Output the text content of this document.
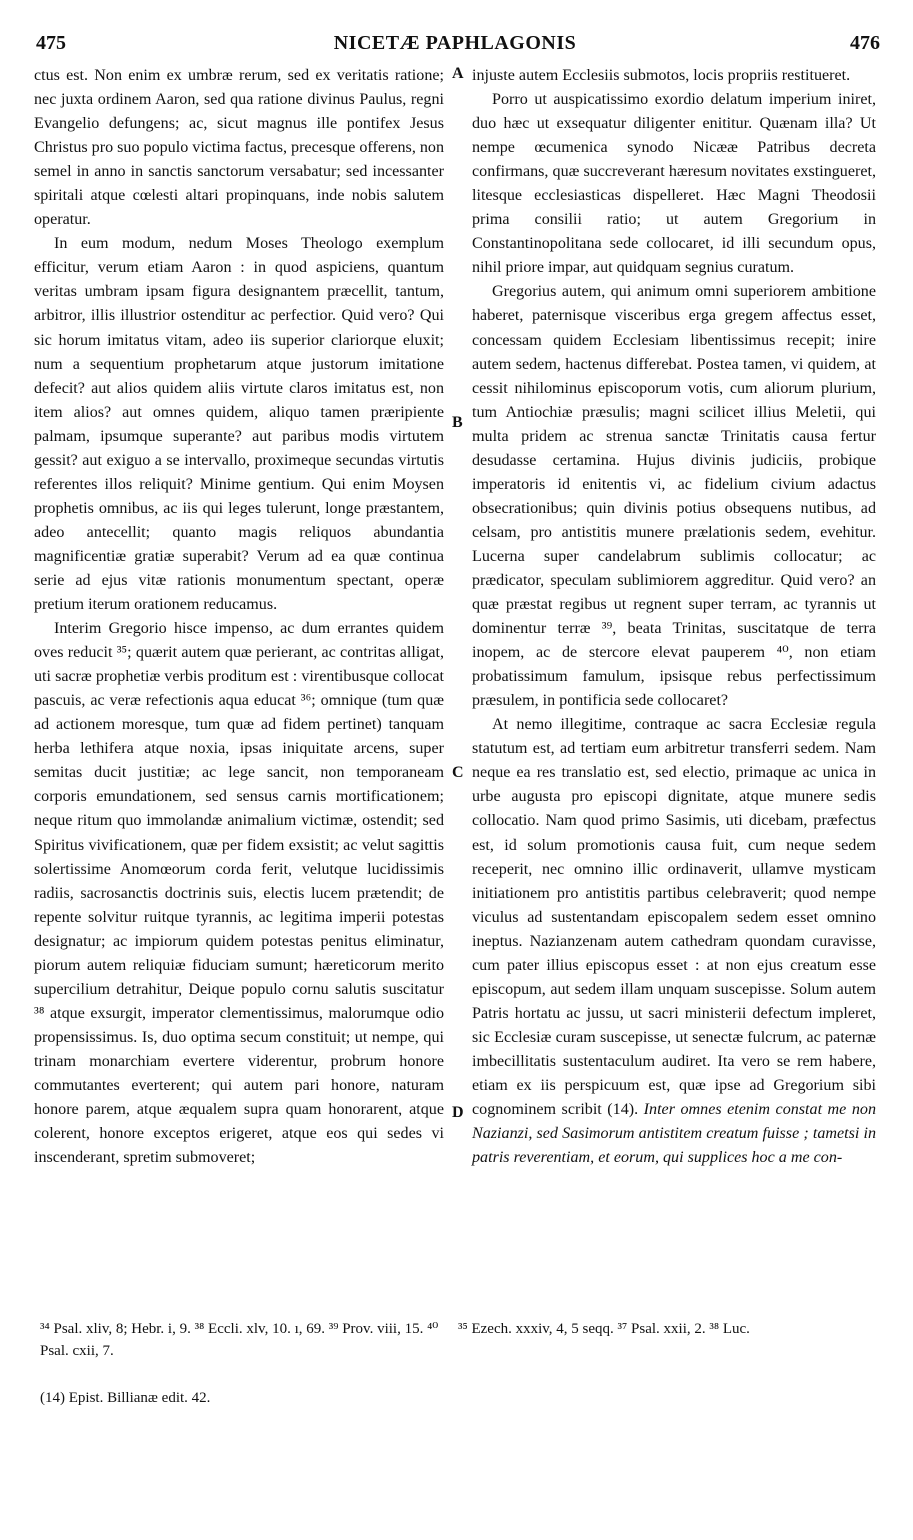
475	NICETÆ PAPHLAGONIS	476
A
B
C
D

ctus est. Non enim ex umbræ rerum, sed ex veritatis ratione; nec juxta ordinem Aaron, sed qua ratione divinus Paulus, regni Evangelio defungens; ac, sicut magnus ille pontifex Jesus Christus pro suo populo victima factus, precesque offerens, non semel in anno in sanctis sanctorum versabatur; sed incessanter spiritali atque cœlesti altari propinquans, inde nobis salutem operatur.

In eum modum, nedum Moses Theologo exemplum efficitur, verum etiam Aaron : in quod aspiciens, quantum veritas umbram ipsam figura designantem præcellit, tantum, arbitror, illis illustrior ostenditur ac perfectior. Quid vero? Qui sic horum imitatus vitam, adeo iis superior clariorque eluxit; num a sequentium prophetarum atque justorum imitatione defecit? aut alios quidem aliis virtute claros imitatus est, non item alios? aut omnes quidem, aliquo tamen præripiente palmam, ipsumque superante? aut paribus modis virtutem gessit? aut exiguo a se intervallo, proximeque secundas virtutis referentes illos reliquit? Minime gentium. Qui enim Moysen prophetis omnibus, ac iis qui leges tulerunt, longe præstantem, adeo antecellit; quanto magis reliquos abundantia magnificentiæ gratiæ superabit? Verum ad ea quæ continua serie ad ejus vitæ rationis monumentum spectant, operæ pretium iterum orationem reducamus.

Interim Gregorio hisce impenso, ac dum errantes quidem oves reducit ³⁵; quærit autem quæ perierant, ac contritas alligat, uti sacræ prophetiæ verbis proditum est : virentibusque collocat pascuis, ac veræ refectionis aqua educat ³⁶; omnique (tum quæ ad actionem moresque, tum quæ ad fidem pertinet) tanquam herba lethifera atque noxia, ipsas iniquitate arcens, super semitas ducit justitiæ; ac lege sancit, non temporaneam corporis emundationem, sed sensus carnis mortificationem; neque ritum quo immolandæ animalium victimæ, ostendit; sed Spiritus vivificationem, quæ per fidem exsistit; ac velut sagittis solertissime Anomœorum corda ferit, velutque lucidissimis radiis, sacrosanctis doctrinis suis, electis lucem prætendit; de repente solvitur ruitque tyrannis, ac legitima imperii potestas designatur; ac impiorum quidem potestas penitus eliminatur, piorum autem reliquiæ fiduciam sumunt; hæreticorum merito supercilium detrahitur, Deique populo cornu salutis suscitatur ³⁸ atque exsurgit, imperator clementissimus, malorumque odio propensissimus. Is, duo optima secum constituit; ut nempe, qui trinam monarchiam evertere viderentur, probrum honore commutantes everterent; qui autem pari honore, naturam honore parem, atque æqualem supra quam honorarent, atque colerent, honore exceptos erigeret, atque eos qui sedes vi inscenderant, spretim submoveret;

injuste autem Ecclesiis submotos, locis propriis restitueret.

Porro ut auspicatissimo exordio delatum imperium iniret, duo hæc ut exsequatur diligenter enititur. Quænam illa? Ut nempe œcumenica synodo Nicææ Patribus decreta confirmans, quæ succreverant hæresum novitates exstingueret, litesque ecclesiasticas dispelleret. Hæc Magni Theodosii prima consilii ratio; ut autem Gregorium in Constantinopolitana sede collocaret, id illi secundum opus, nihil priore impar, aut quidquam segnius curatum.

Gregorius autem, qui animum omni superiorem ambitione haberet, paternisque visceribus erga gregem affectus esset, concessam quidem Ecclesiam libentissimus recepit; inire autem sedem, hactenus differebat. Postea tamen, vi quidem, at cessit nihilominus episcoporum votis, cum aliorum plurium, tum Antiochiæ præsulis; magni scilicet illius Meletii, qui multa pridem ac strenua sanctæ Trinitatis causa fertur desudasse certamina. Hujus divinis judiciis, probique imperatoris id enitentis vi, ac fidelium civium adactus obsecrationibus; quin divinis potius obsequens nutibus, ad celsam, pro antistitis munere prælationis sedem, evehitur. Lucerna super candelabrum sublimis collocatur; ac prædicator, speculam sublimiorem aggreditur. Quid vero? an quæ præstat regibus ut regnent super terram, ac tyrannis ut dominentur terræ ³⁹, beata Trinitas, suscitatque de terra inopem, ac de stercore elevat pauperem ⁴⁰, non etiam probatissimum famulum, ipsisque rebus perfectissimum præsulem, in pontificia sede collocaret?

At nemo illegitime, contraque ac sacra Ecclesiæ regula statutum est, ad tertiam eum arbitretur transferri sedem. Nam neque ea res translatio est, sed electio, primaque ac unica in urbe augusta pro episcopi dignitate, atque munere sedis collocatio. Nam quod primo Sasimis, uti dicebam, præfectus est, id solum promotionis causa fuit, cum neque sedem receperit, nec omnino illic ordinaverit, ullamve mysticam initiationem pro antistitis partibus celebraverit; quod nempe viculus ad sustentandam episcopalem sedem esset omnino ineptus. Nazianzenam autem cathedram quondam curavisse, cum pater illius episcopus esset : at non ejus creatum esse episcopum, aut sedem illam unquam suscepisse. Solum autem Patris hortatu ac jussu, ut sacri ministerii defectum impleret, sic Ecclesiæ curam suscepisse, ut senectæ fulcrum, ac paternæ imbecillitatis sustentaculum audiret. Ita vero se rem habere, etiam ex iis perspicuum est, quæ ipse ad Gregorium sibi cognominem scribit (14). Inter omnes etenim constat me non Nazianzi, sed Sasimorum antistitem creatum fuisse ; tametsi in patris reverentiam, et eorum, qui supplices hoc a me con-

³⁴ Psal. xliv, 8; Hebr. i, 9. ³⁸ Eccli. xlv, 10. ı, 69. ³⁹ Prov. viii, 15. ⁴⁰ Psal. cxii, 7.
³⁵ Ezech. xxxiv, 4, 5 seqq. ³⁷ Psal. xxii, 2. ³⁸ Luc.
(14) Epist. Billianæ edit. 42.
